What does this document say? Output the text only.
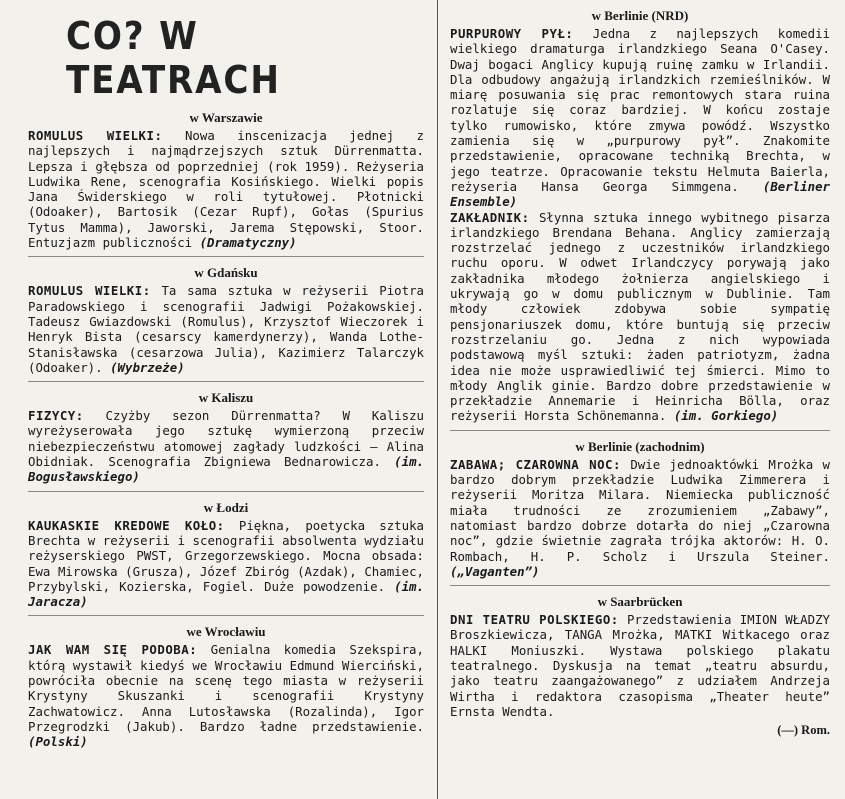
CO? W TEATRACH
w Warszawie

ROMULUS WIELKI: Nowa inscenizacja jednej z najlepszych i najmądrzejszych sztuk Dürrenmatta. Lepsza i głębsza od poprzedniej (rok 1959). Reżyseria Ludwika Rene, scenografia Kosińskiego. Wielki popis Jana Świderskiego w roli tytułowej. Płotnicki (Odoaker), Bartosik (Cezar Rupf), Gołas (Spurius Tytus Mamma), Jaworski, Jarema Stępowski, Stoor. Entuzjazm publiczności (Dramatyczny)

w Gdańsku

ROMULUS WIELKI: Ta sama sztuka w reżyserii Piotra Paradowskiego i scenografii Jadwigi Pożakowskiej. Tadeusz Gwiazdowski (Romulus), Krzysztof Wieczorek i Henryk Bista (cesarscy kamerdynerzy), Wanda Lothe-Stanisławska (cesarzowa Julia), Kazimierz Talarczyk (Odoaker). (Wybrzeże)

w Kaliszu

FIZYCY: Czyżby sezon Dürrenmatta? W Kaliszu wyreżyserowała jego sztukę wymierzoną przeciw niebezpieczeństwu atomowej zagłady ludzkości — Alina Obidniak. Scenografia Zbigniewa Bednarowicza. (im. Bogusławskiego)

w Łodzi

KAUKASKIE KREDOWE KOŁO: Piękna, poetycka sztuka Brechta w reżyserii i scenografii absolwenta wydziału reżyserskiego PWST, Grzegorzewskiego. Mocna obsada: Ewa Mirowska (Grusza), Józef Zbiróg (Azdak), Chamiec, Przybylski, Kozierska, Fogiel. Duże powodzenie. (im. Jaracza)

we Wrocławiu

JAK WAM SIĘ PODOBA: Genialna komedia Szekspira, którą wystawił kiedyś we Wrocławiu Edmund Wierciński, powróciła obecnie na scenę tego miasta w reżyserii Krystyny Skuszanki i scenografii Krystyny Zachwatowicz. Anna Lutosławska (Rozalinda), Igor Przegrodzki (Jakub). Bardzo ładne przedstawienie. (Polski)

w Berlinie (NRD)

PURPUROWY PYŁ: Jedna z najlepszych komedii wielkiego dramaturga irlandzkiego Seana O'Casey. Dwaj bogaci Anglicy kupują ruinę zamku w Irlandii. Dla odbudowy angażują irlandzkich rzemieślników. W miarę posuwania się prac remontowych stara ruina rozlatuje się coraz bardziej. W końcu zostaje tylko rumowisko, które zmywa powódź. Wszystko zamienia się w „purpurowy pył”. Znakomite przedstawienie, opracowane techniką Brechta, w jego teatrze. Opracowanie tekstu Helmuta Baierla, reżyseria Hansa Georga Simmgena. (Berliner Ensemble)

ZAKŁADNIK: Słynna sztuka innego wybitnego pisarza irlandzkiego Brendana Behana. Anglicy zamierzają rozstrzelać jednego z uczestników irlandzkiego ruchu oporu. W odwet Irlandczycy porywają jako zakładnika młodego żołnierza angielskiego i ukrywają go w domu publicznym w Dublinie. Tam młody człowiek zdobywa sobie sympatię pensjonariuszek domu, które buntują się przeciw rozstrzelaniu go. Jedna z nich wypowiada podstawową myśl sztuki: żaden patriotyzm, żadna idea nie może usprawiedliwić tej śmierci. Mimo to młody Anglik ginie. Bardzo dobre przedstawienie w przekładzie Annemarie i Heinricha Bölla, oraz reżyserii Horsta Schönemanna. (im. Gorkiego)

w Berlinie (zachodnim)

ZABAWA; CZAROWNA NOC: Dwie jednoaktówki Mrożka w bardzo dobrym przekładzie Ludwika Zimmerera i reżyserii Moritza Milara. Niemiecka publiczność miała trudności ze zrozumieniem „Zabawy”, natomiast bardzo dobrze dotarła do niej „Czarowna noc”, gdzie świetnie zagrała trójka aktorów: H. O. Rombach, H. P. Scholz i Urszula Steiner. („Vaganten”)

w Saarbrücken

DNI TEATRU POLSKIEGO: Przedstawienia IMION WŁADZY Broszkiewicza, TANGA Mrożka, MATKI Witkacego oraz HALKI Moniuszki. Wystawa polskiego plakatu teatralnego. Dyskusja na temat „teatru absurdu, jako teatru zaangażowanego” z udziałem Andrzeja Wirtha i redaktora czasopisma „Theater heute” Ernsta Wendta.

(—) Rom.
